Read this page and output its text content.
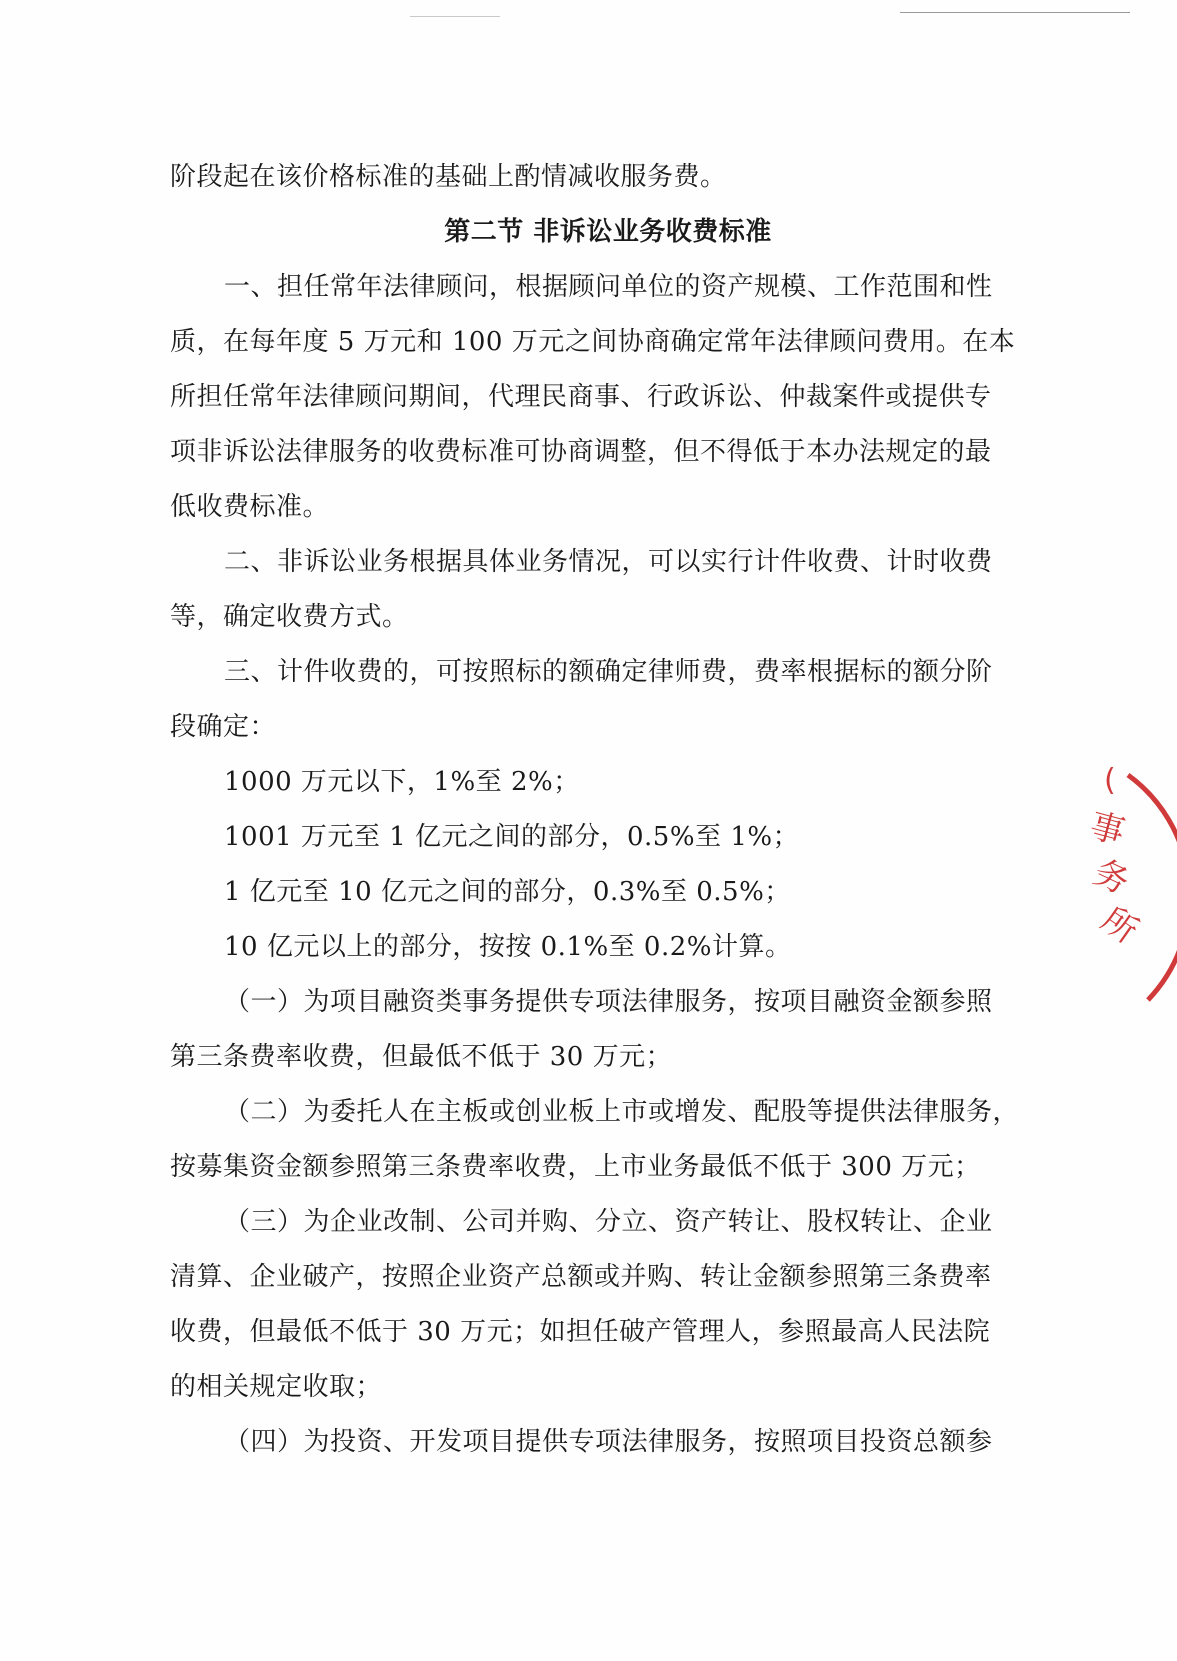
阶段起在该价格标准的基础上酌情减收服务费。
第二节 非诉讼业务收费标准
一、担任常年法律顾问，根据顾问单位的资产规模、工作范围和性
质，在每年度 5 万元和 100 万元之间协商确定常年法律顾问费用。在本
所担任常年法律顾问期间，代理民商事、行政诉讼、仲裁案件或提供专
项非诉讼法律服务的收费标准可协商调整，但不得低于本办法规定的最
低收费标准。
二、非诉讼业务根据具体业务情况，可以实行计件收费、计时收费
等，确定收费方式。
三、计件收费的，可按照标的额确定律师费，费率根据标的额分阶
段确定：
1000 万元以下，1%至 2%；
1001 万元至 1 亿元之间的部分，0.5%至 1%；
1 亿元至 10 亿元之间的部分，0.3%至 0.5%；
10 亿元以上的部分，按按 0.1%至 0.2%计算。
（一）为项目融资类事务提供专项法律服务，按项目融资金额参照
第三条费率收费，但最低不低于 30 万元；
（二）为委托人在主板或创业板上市或增发、配股等提供法律服务，
按募集资金额参照第三条费率收费，上市业务最低不低于 300 万元；
（三）为企业改制、公司并购、分立、资产转让、股权转让、企业
清算、企业破产，按照企业资产总额或并购、转让金额参照第三条费率
收费，但最低不低于 30 万元；如担任破产管理人，参照最高人民法院
的相关规定收取；
（四）为投资、开发项目提供专项法律服务，按照项目投资总额参
(
事
务
所
